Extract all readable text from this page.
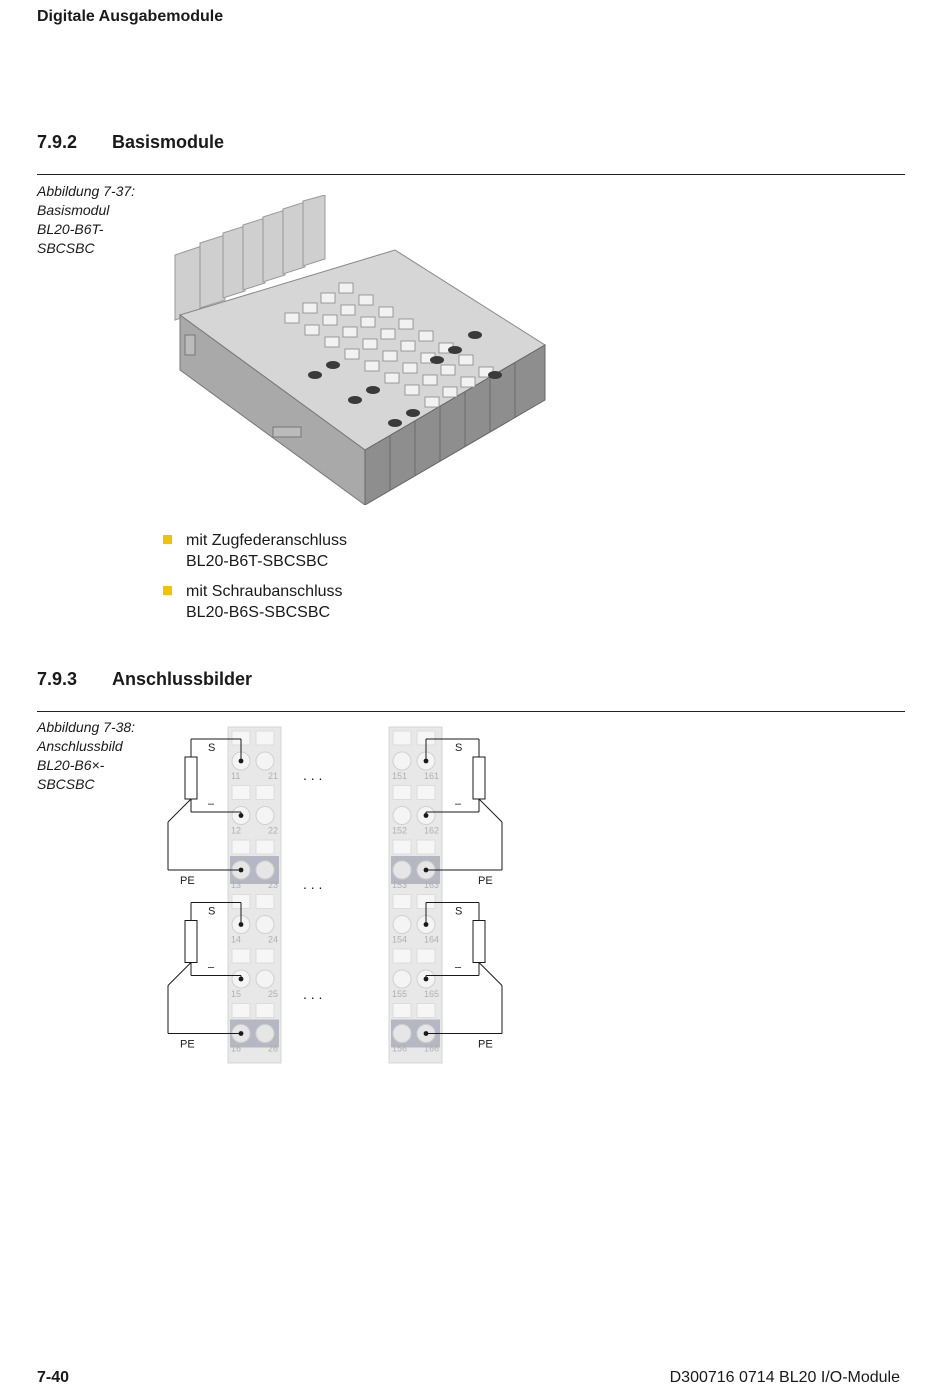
Digitale Ausgabemodule
7.9.2 Basismodule
Abbildung 7-37:
Basismodul
BL20-B6T-
SBCSBC
mit Zugfederanschluss
BL20-B6T-SBCSBC
mit Schraubanschluss
BL20-B6S-SBCSBC
7.9.3 Anschlussbilder
Abbildung 7-38:
Anschlussbild
BL20-B6×-
SBCSBC	11	21
12	22
13	23
14	24
15	25
16	26
151 161
152 162
153 163
154 164
155 165
156 166
S
–
PE
S
–
PE
S
–
PE
S
–
PE
. . .
. . .
. . .
7-40	D300716 0714 BL20 I/O-Module
